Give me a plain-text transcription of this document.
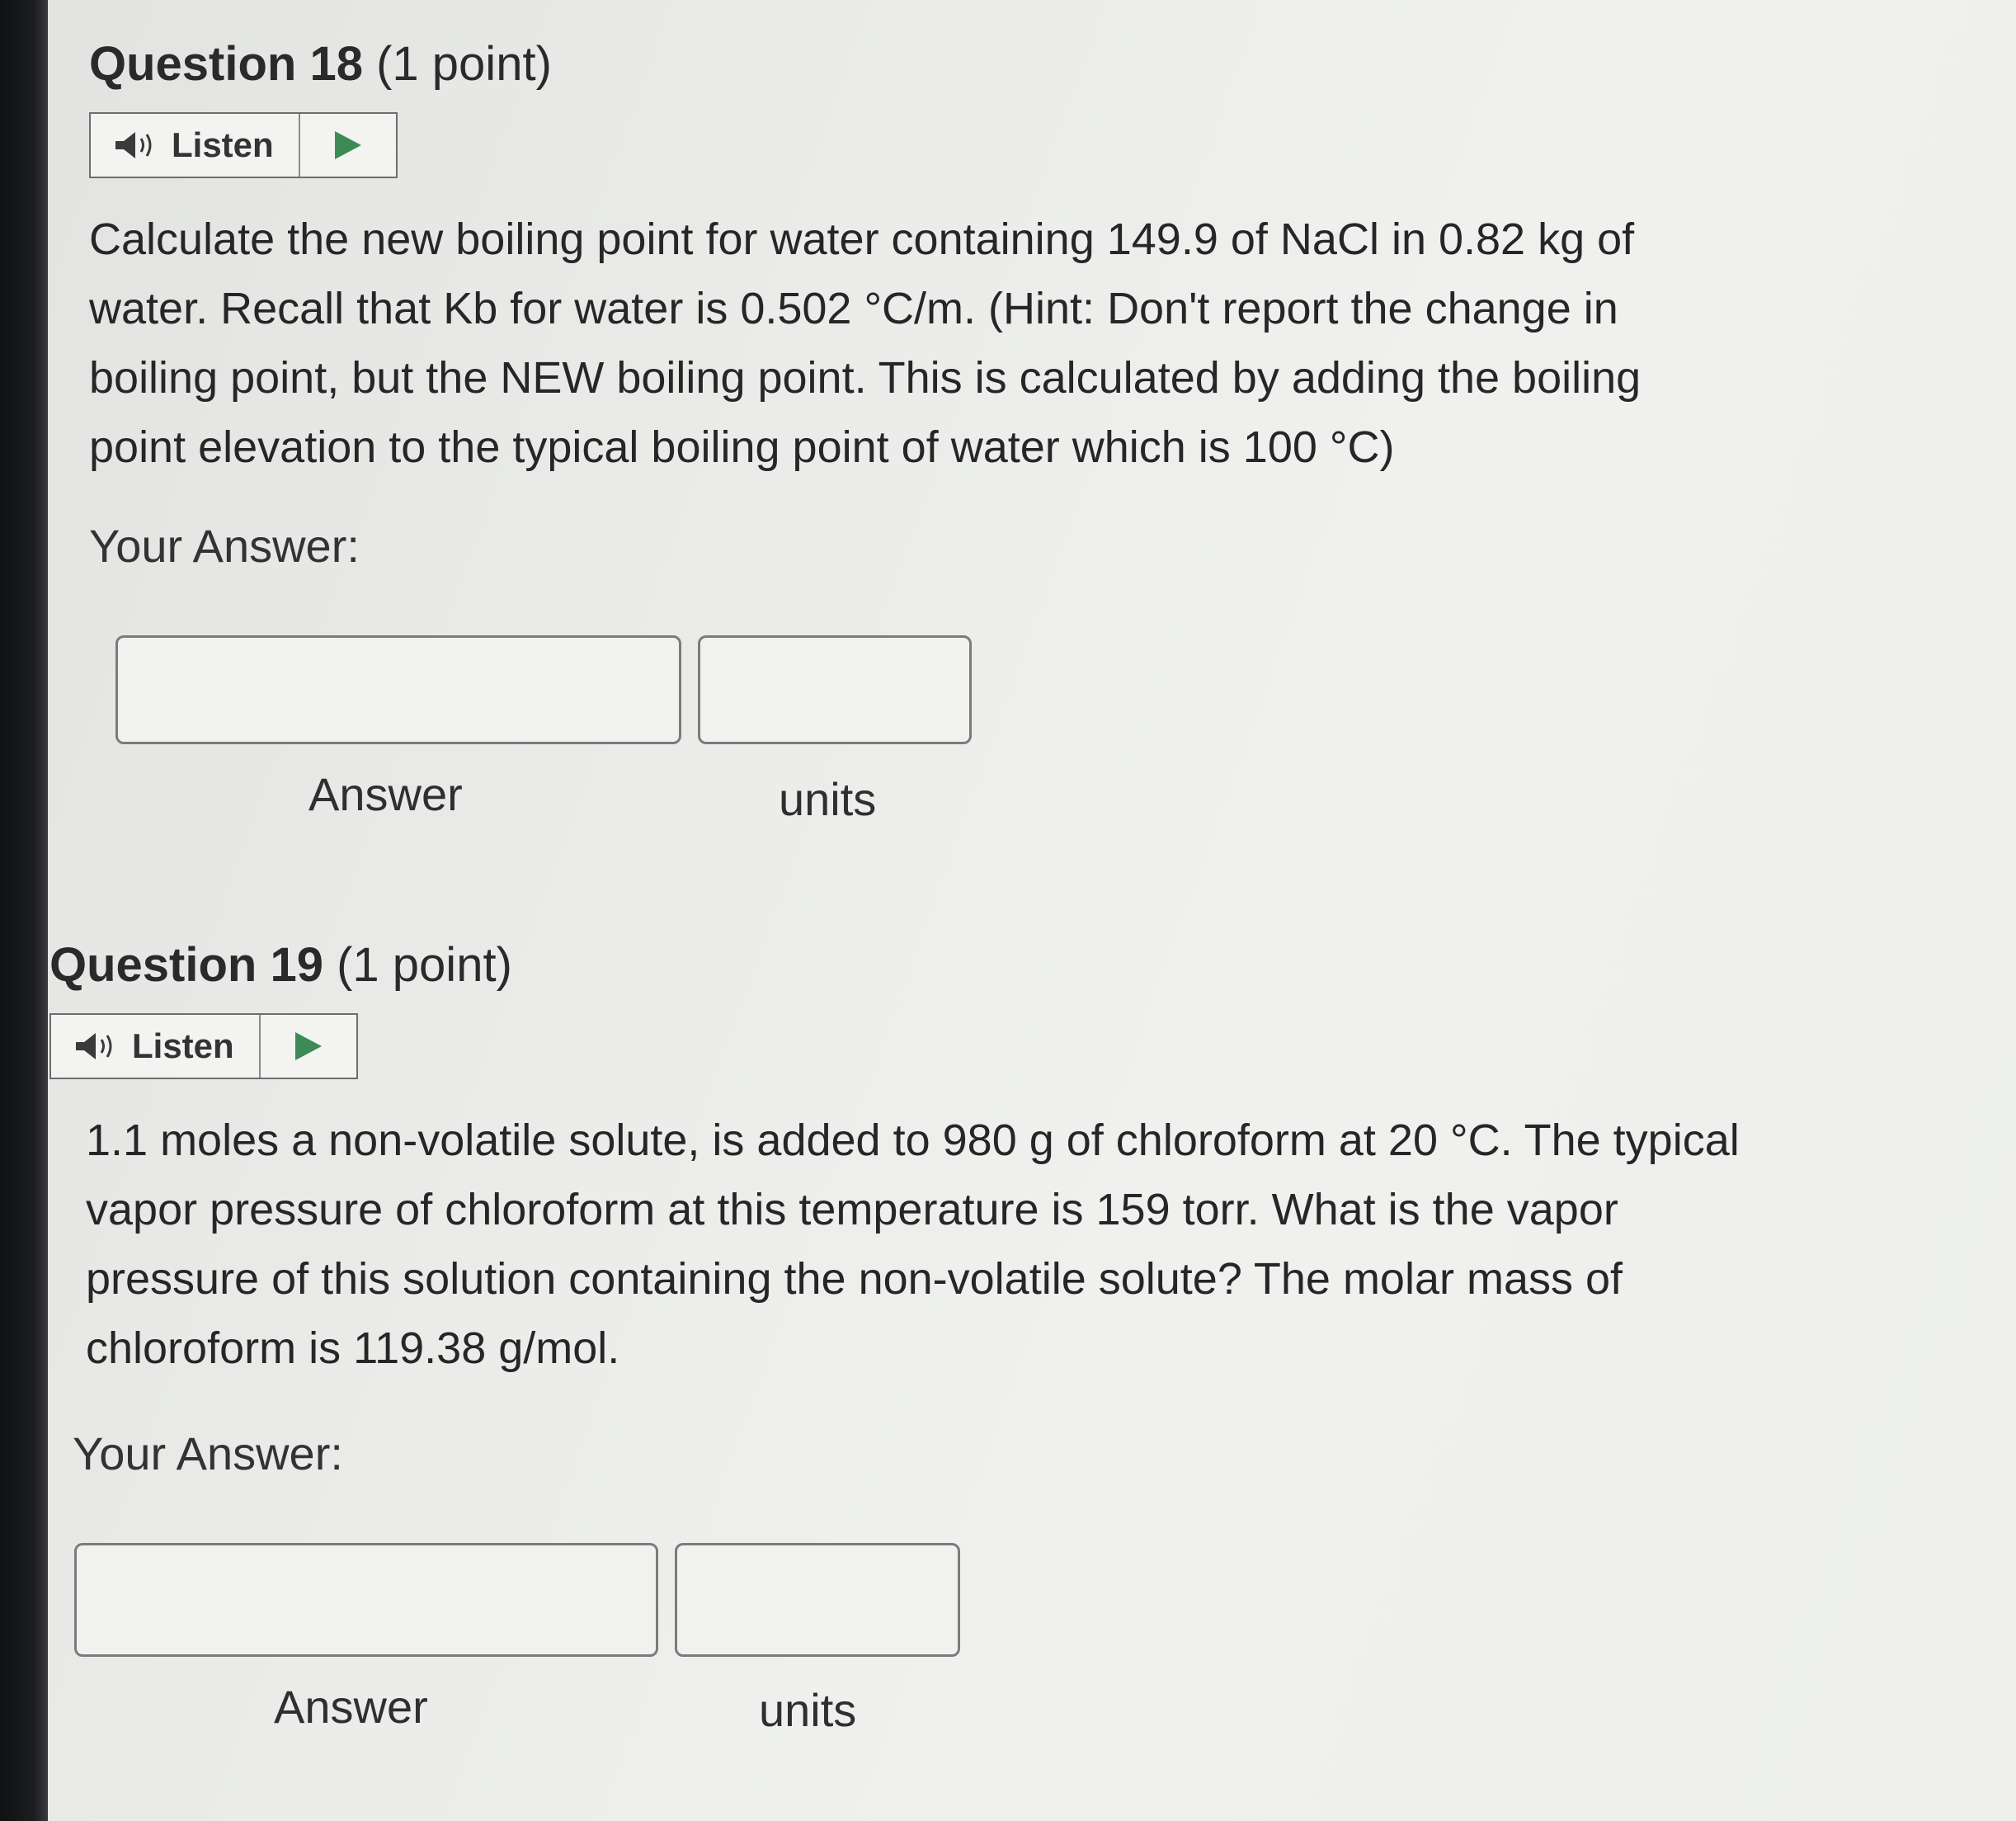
Question 18 (1 point)
Listen

Calculate the new boiling point for water containing 149.9 of NaCl in 0.82 kg of
water. Recall that Kb for water is 0.502 °C/m. (Hint: Don't report the change in
boiling point, but the NEW boiling point. This is calculated by adding the boiling
point elevation to the typical boiling point of water which is 100 °C)

Your Answer:

Answer	units
Question 19 (1 point)
Listen

1.1 moles a non-volatile solute, is added to 980 g of chloroform at 20 °C. The typical
vapor pressure of chloroform at this temperature is 159 torr. What is the vapor
pressure of this solution containing the non-volatile solute? The molar mass of
chloroform is 119.38 g/mol.

Your Answer:

Answer	units
